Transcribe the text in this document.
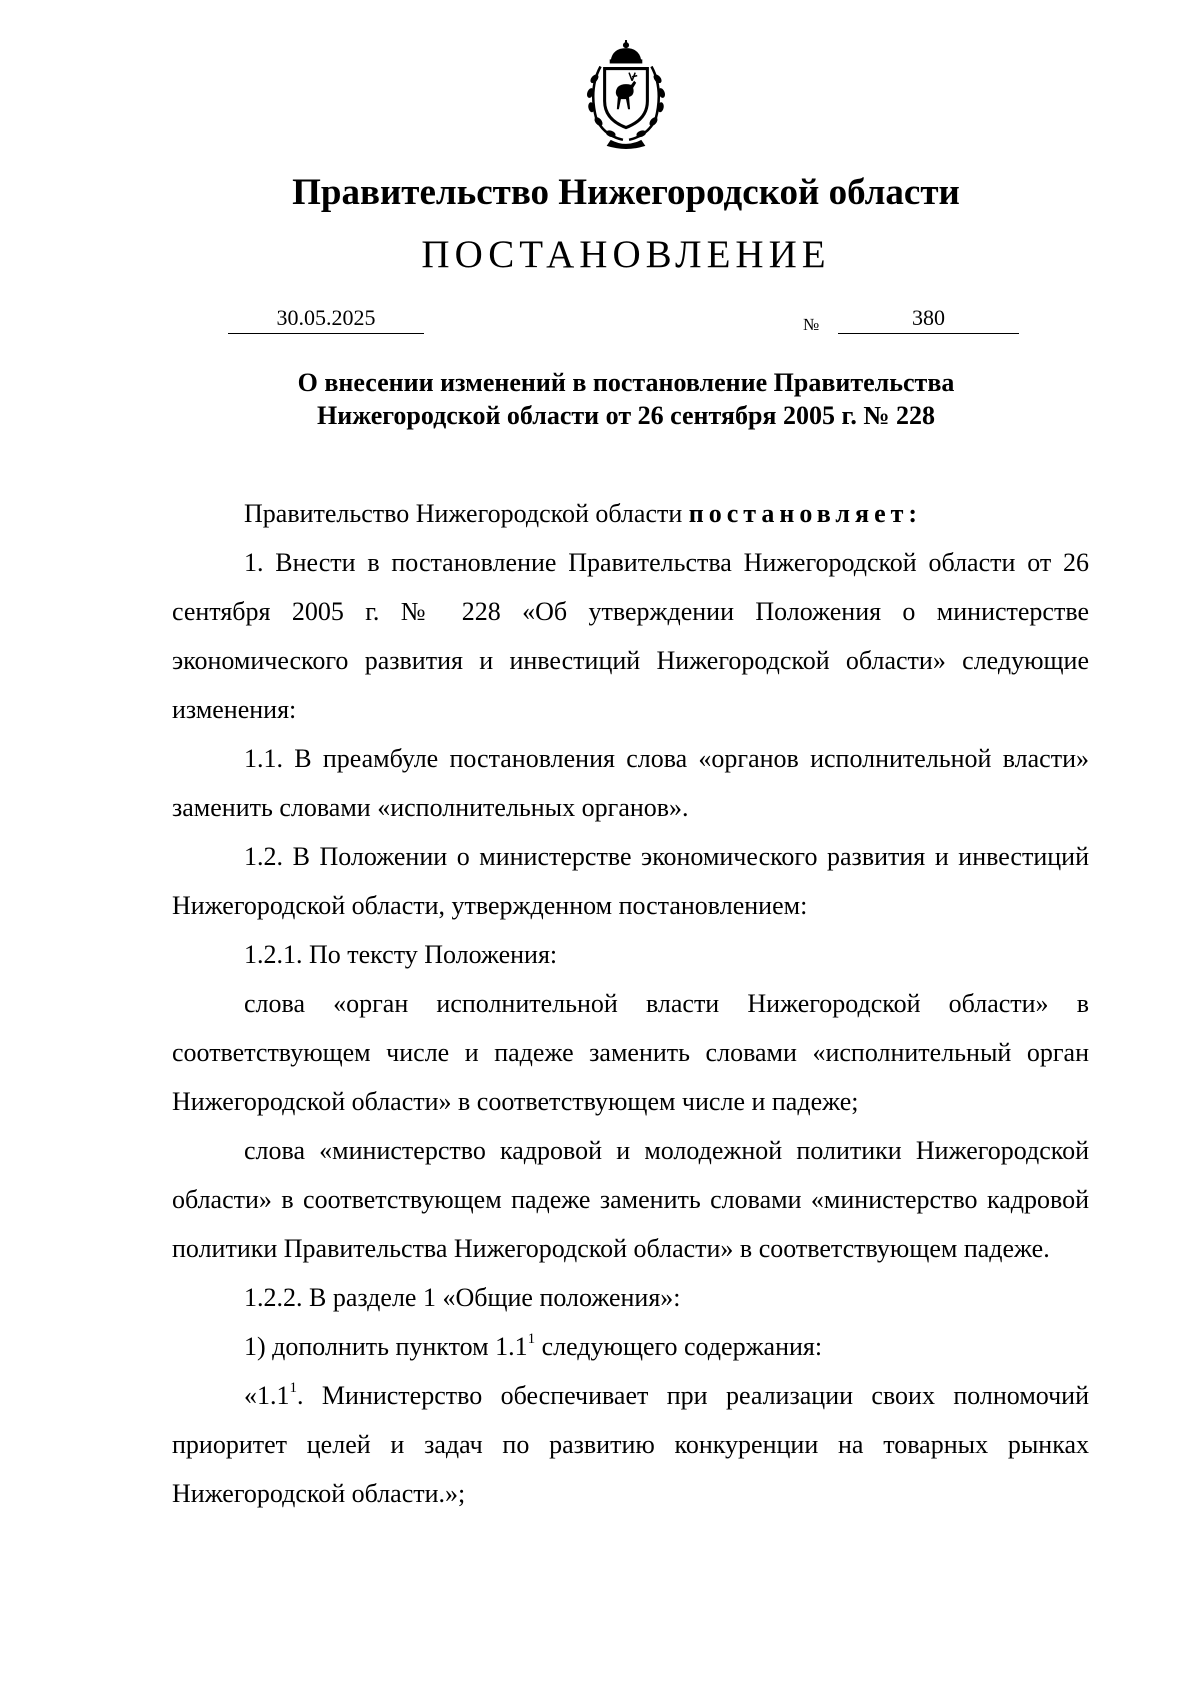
Правительство Нижегородской области
ПОСТАНОВЛЕНИЕ
30.05.2025	№	380
О внесении изменений в постановление Правительства
Нижегородской области от 26 сентября 2005 г. № 228

Правительство Нижегородской области постановляет:

1. Внести в постановление Правительства Нижегородской области от 26 сентября 2005 г. № 228 «Об утверждении Положения о министерстве экономического развития и инвестиций Нижегородской области» следующие изменения:

1.1. В преамбуле постановления слова «органов исполнительной власти» заменить словами «исполнительных органов».

1.2. В Положении о министерстве экономического развития и инвестиций Нижегородской области, утвержденном постановлением:

1.2.1. По тексту Положения:

слова «орган исполнительной власти Нижегородской области» в соответствующем числе и падеже заменить словами «исполнительный орган Нижегородской области» в соответствующем числе и падеже;

слова «министерство кадровой и молодежной политики Нижегородской области» в соответствующем падеже заменить словами «министерство кадровой политики Правительства Нижегородской области» в соответствующем падеже.

1.2.2. В разделе 1 «Общие положения»:

1) дополнить пунктом $1.1^1$ следующего содержания:

«$1.1^1$. Министерство обеспечивает при реализации своих полномочий приоритет целей и задач по развитию конкуренции на товарных рынках Нижегородской области.»;
